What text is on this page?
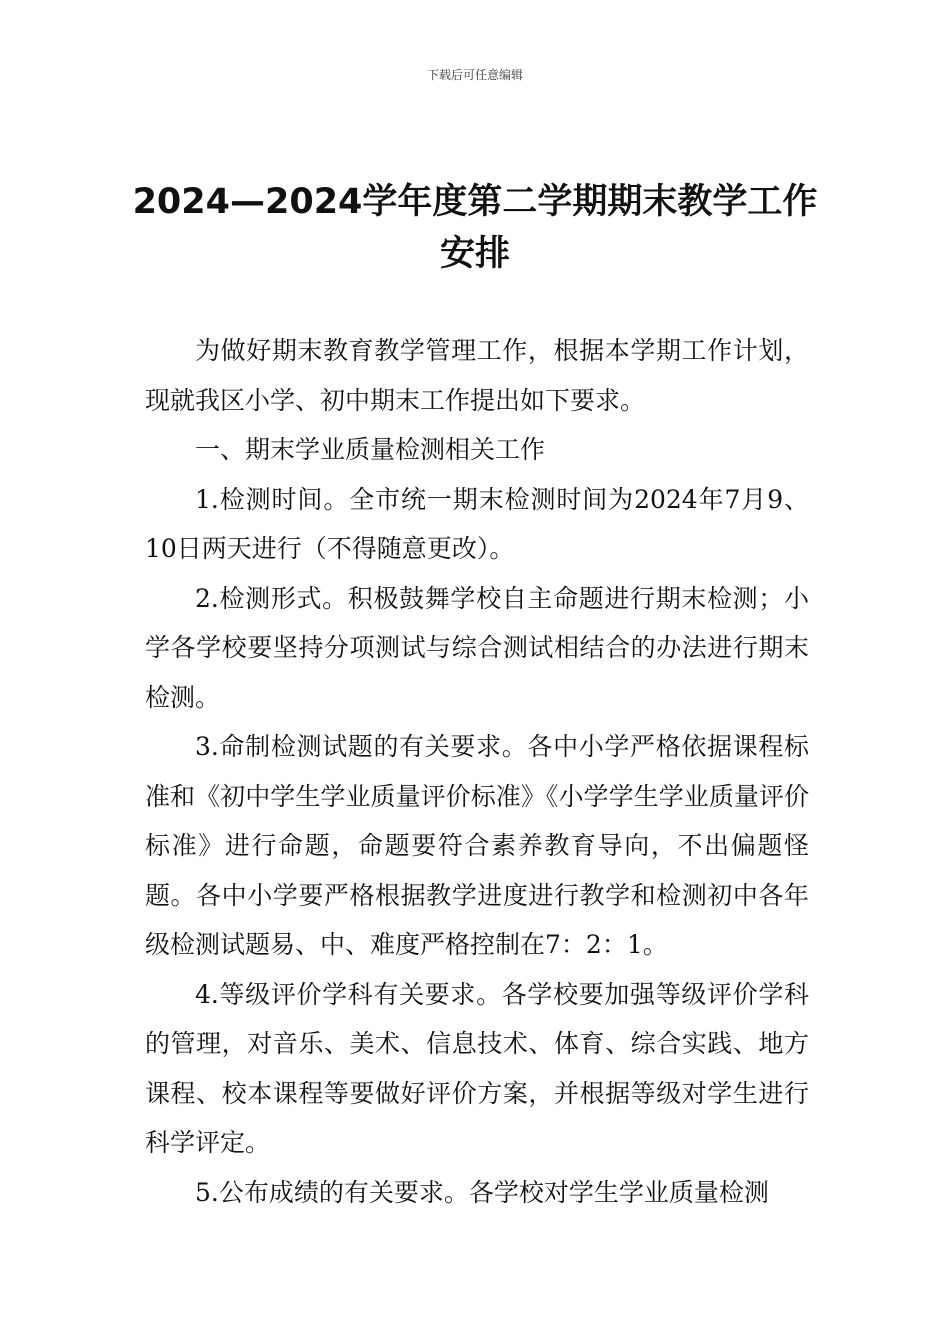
下载后可任意编辑
2024—2024学年度第二学期期末教学工作
安排

为做好期末教育教学管理工作，根据本学期工作计划，现就我区小学、初中期末工作提出如下要求。

一、期末学业质量检测相关工作

1.检测时间。全市统一期末检测时间为2024年7月9、10日两天进行（不得随意更改）。

2.检测形式。积极鼓舞学校自主命题进行期末检测；小学各学校要坚持分项测试与综合测试相结合的办法进行期末检测。

3.命制检测试题的有关要求。各中小学严格依据课程标准和《初中学生学业质量评价标准》《小学学生学业质量评价标准》进行命题，命题要符合素养教育导向，不出偏题怪题。各中小学要严格根据教学进度进行教学和检测初中各年级检测试题易、中、难度严格控制在7：2：1。

4.等级评价学科有关要求。各学校要加强等级评价学科的管理，对音乐、美术、信息技术、体育、综合实践、地方课程、校本课程等要做好评价方案，并根据等级对学生进行科学评定。

5.公布成绩的有关要求。各学校对学生学业质量检测
